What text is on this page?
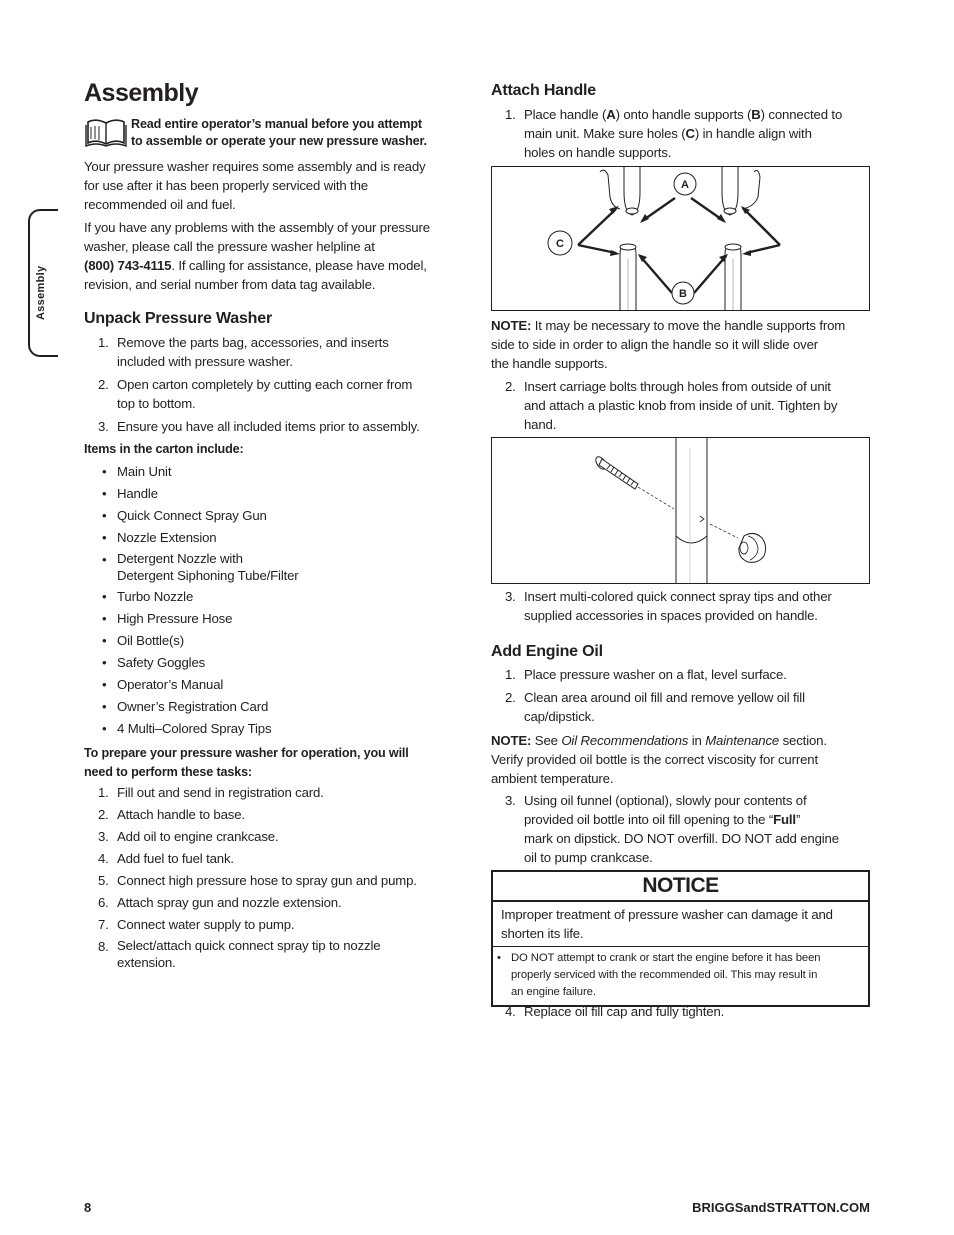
Assembly
Assembly
Read entire operator’s manual before you attempt
to assemble or operate your new pressure washer.
Your pressure washer requires some assembly and is ready
for use after it has been properly serviced with the
recommended oil and fuel.
If you have any problems with the assembly of your pressure
washer, please call the pressure washer helpline at
(800) 743-4115. If calling for assistance, please have model,
revision, and serial number from data tag available.
Unpack Pressure Washer
1. Remove the parts bag, accessories, and inserts
included with pressure washer.
2. Open carton completely by cutting each corner from
top to bottom.
3. Ensure you have all included items prior to assembly.
Items in the carton include:
• Main Unit
• Handle
• Quick Connect Spray Gun
• Nozzle Extension
• Detergent Nozzle with
Detergent Siphoning Tube/Filter
• Turbo Nozzle
• High Pressure Hose
• Oil Bottle(s)
• Safety Goggles
• Operator’s Manual
• Owner’s Registration Card
• 4 Multi–Colored Spray Tips
To prepare your pressure washer for operation, you will
need to perform these tasks:
1. Fill out and send in registration card.
2. Attach handle to base.
3. Add oil to engine crankcase.
4. Add fuel to fuel tank.
5. Connect high pressure hose to spray gun and pump.
6. Attach spray gun and nozzle extension.
7. Connect water supply to pump.
8. Select/attach quick connect spray tip to nozzle
extension.
Attach Handle
1. Place handle (A) onto handle supports (B) connected to
main unit. Make sure holes (C) in handle align with
holes on handle supports.
A
B
C
NOTE: It may be necessary to move the handle supports from
side to side in order to align the handle so it will slide over
the handle supports.
2. Insert carriage bolts through holes from outside of unit
and attach a plastic knob from inside of unit. Tighten by
hand.
3. Insert multi-colored quick connect spray tips and other
supplied accessories in spaces provided on handle.
Add Engine Oil
1. Place pressure washer on a flat, level surface.
2. Clean area around oil fill and remove yellow oil fill
cap/dipstick.
NOTE: See Oil Recommendations in Maintenance section.
Verify provided oil bottle is the correct viscosity for current
ambient temperature.
3. Using oil funnel (optional), slowly pour contents of
provided oil bottle into oil fill opening to the “Full”
mark on dipstick. DO NOT overfill. DO NOT add engine
oil to pump crankcase.
NOTICE
Improper treatment of pressure washer can damage it and
shorten its life.
• DO NOT attempt to crank or start the engine before it has been
properly serviced with the recommended oil. This may result in
an engine failure.
4. Replace oil fill cap and fully tighten.
8	BRIGGSandSTRATTON.COM
